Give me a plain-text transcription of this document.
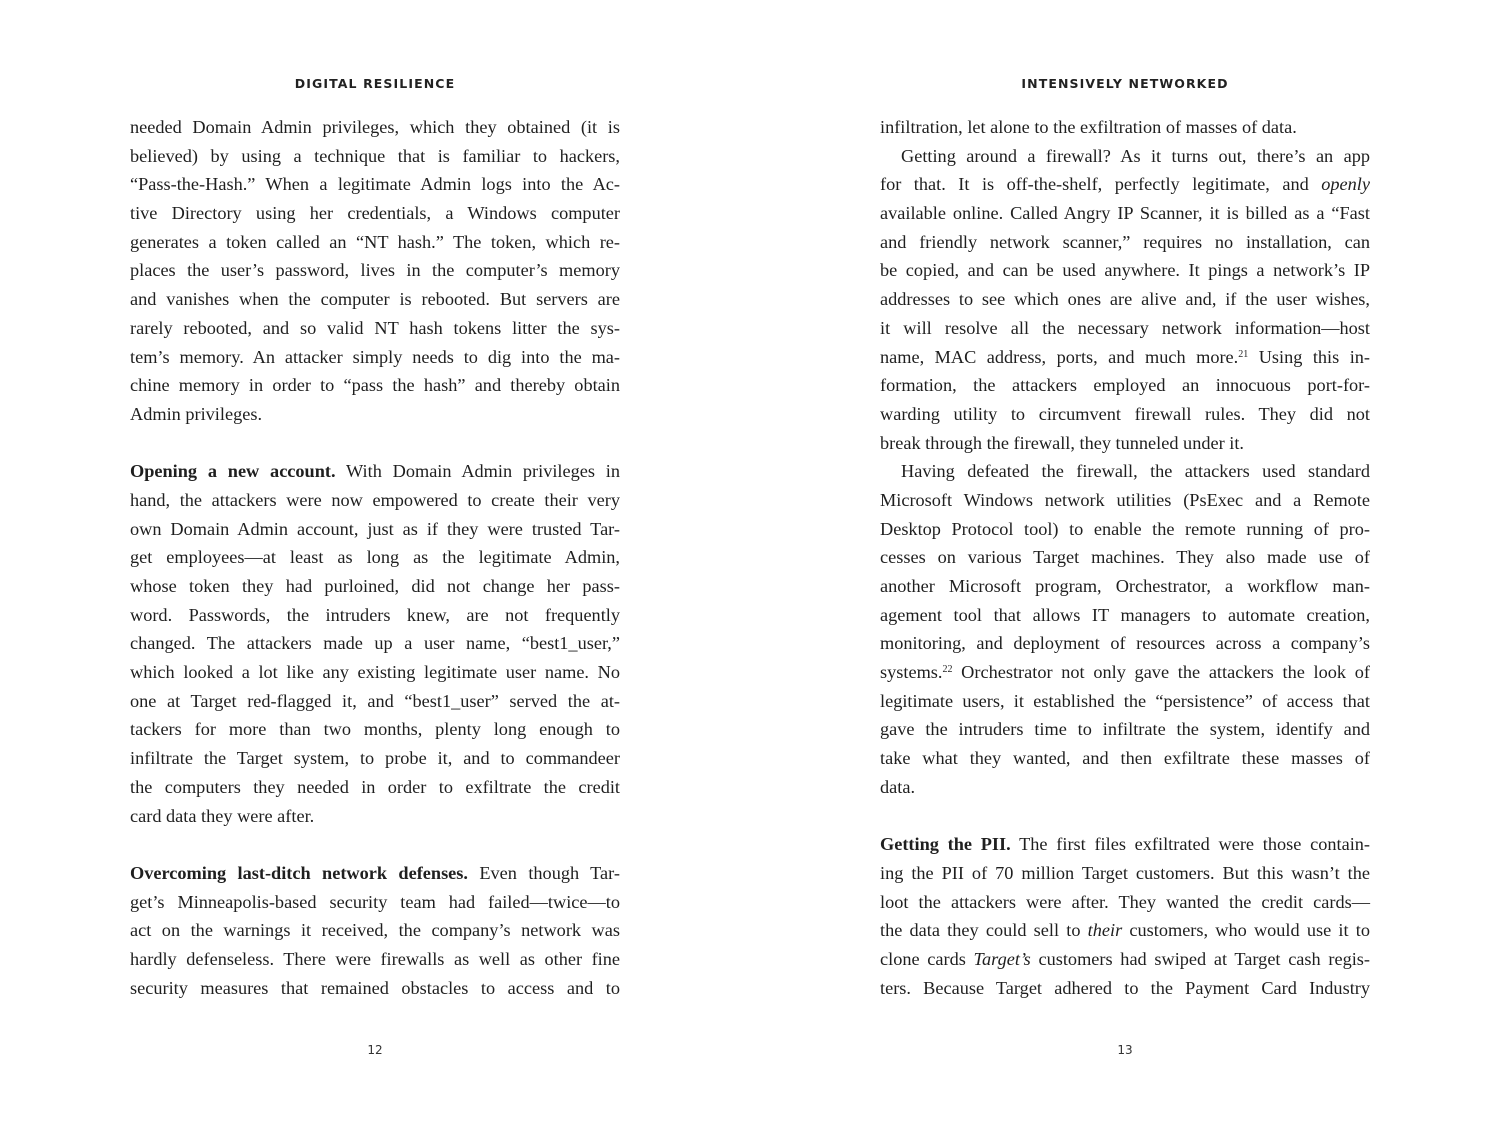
DIGITAL RESILIENCE
needed Domain Admin privileges, which they obtained (it is
believed) by using a technique that is familiar to hackers,
“Pass-the-Hash.” When a legitimate Admin logs into the Ac-
tive Directory using her credentials, a Windows computer
generates a token called an “NT hash.” The token, which re-
places the user’s password, lives in the computer’s memory
and vanishes when the computer is rebooted. But servers are
rarely rebooted, and so valid NT hash tokens litter the sys-
tem’s memory. An attacker simply needs to dig into the ma-
chine memory in order to “pass the hash” and thereby obtain
Admin privileges.
Opening a new account. With Domain Admin privileges in
hand, the attackers were now empowered to create their very
own Domain Admin account, just as if they were trusted Tar-
get employees—at least as long as the legitimate Admin,
whose token they had purloined, did not change her pass-
word. Passwords, the intruders knew, are not frequently
changed. The attackers made up a user name, “best1_user,”
which looked a lot like any existing legitimate user name. No
one at Target red-flagged it, and “best1_user” served the at-
tackers for more than two months, plenty long enough to
infiltrate the Target system, to probe it, and to commandeer
the computers they needed in order to exfiltrate the credit
card data they were after.
Overcoming last-ditch network defenses. Even though Tar-
get’s Minneapolis-based security team had failed—twice—to
act on the warnings it received, the company’s network was
hardly defenseless. There were firewalls as well as other fine
security measures that remained obstacles to access and to
12
INTENSIVELY NETWORKED
infiltration, let alone to the exfiltration of masses of data.
Getting around a firewall? As it turns out, there’s an app
for that. It is off-the-shelf, perfectly legitimate, and openly
available online. Called Angry IP Scanner, it is billed as a “Fast
and friendly network scanner,” requires no installation, can
be copied, and can be used anywhere. It pings a network’s IP
addresses to see which ones are alive and, if the user wishes,
it will resolve all the necessary network information—host
name, MAC address, ports, and much more.$^{21}$ Using this in-
formation, the attackers employed an innocuous port-for-
warding utility to circumvent firewall rules. They did not
break through the firewall, they tunneled under it.
Having defeated the firewall, the attackers used standard
Microsoft Windows network utilities (PsExec and a Remote
Desktop Protocol tool) to enable the remote running of pro-
cesses on various Target machines. They also made use of
another Microsoft program, Orchestrator, a workflow man-
agement tool that allows IT managers to automate creation,
monitoring, and deployment of resources across a company’s
systems.$^{22}$ Orchestrator not only gave the attackers the look of
legitimate users, it established the “persistence” of access that
gave the intruders time to infiltrate the system, identify and
take what they wanted, and then exfiltrate these masses of
data.
Getting the PII. The first files exfiltrated were those contain-
ing the PII of 70 million Target customers. But this wasn’t the
loot the attackers were after. They wanted the credit cards—
the data they could sell to their customers, who would use it to
clone cards Target’s customers had swiped at Target cash regis-
ters. Because Target adhered to the Payment Card Industry
13
